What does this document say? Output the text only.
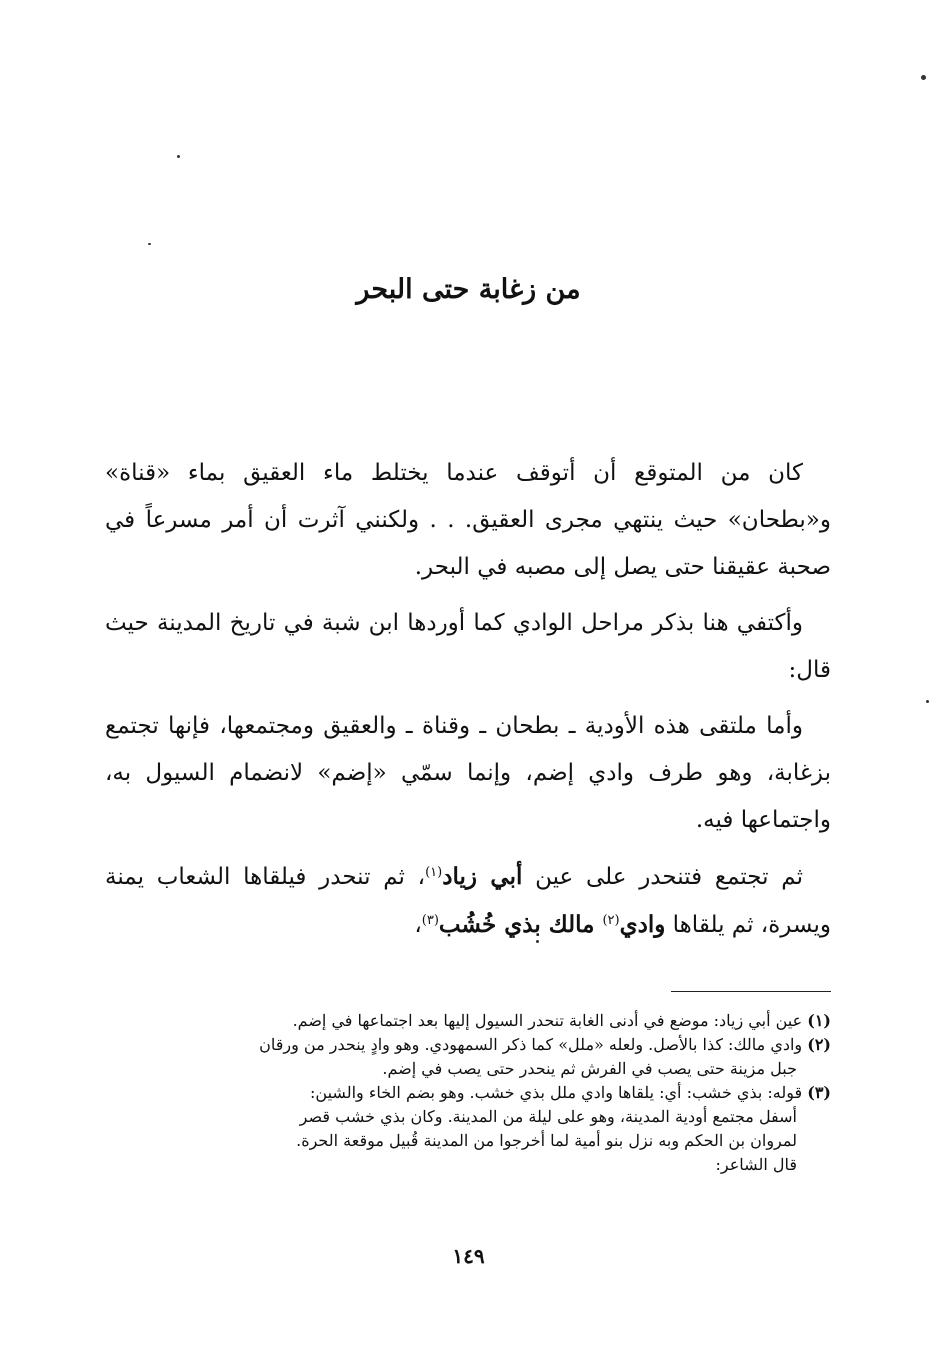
من زغابة حتى البحر

كان من المتوقع أن أتوقف عندما يختلط ماء العقيق بماء «قناة» و«بطحان» حيث ينتهي مجرى العقيق. . . ولكنني آثرت أن أمر مسرعاً في صحبة عقيقنا حتى يصل إلى مصبه في البحر.

وأكتفي هنا بذكر مراحل الوادي كما أوردها ابن شبة في تاريخ المدينة حيث قال:

وأما ملتقى هذه الأودية ـ بطحان ـ وقناة ـ والعقيق ومجتمعها، فإنها تجتمع بزغابة، وهو طرف وادي إضم، وإنما سمّي «إضم» لانضمام السيول به، واجتماعها فيه.

ثم تجتمع فتنحدر على عين أبي زياد$^{(١)}$، ثم تنحدر فيلقاها الشعاب يمنة ويسرة، ثم يلقاها وادي$^{(٢)}$ مالك بذي خُشُب$^{(٣)}$،

(١) عين أبي زياد: موضع في أدنى الغابة تنحدر السيول إليها بعد اجتماعها في إضم.

(٢) وادي مالك: كذا بالأصل. ولعله «ملل» كما ذكر السمهودي. وهو وادٍ ينحدر من ورقان

جبل مزينة حتى يصب في الفرش ثم ينحدر حتى يصب في إضم.

(٣) قوله: بذي خشب: أي: يلقاها وادي ملل بذي خشب. وهو بضم الخاء والشين:

أسفل مجتمع أودية المدينة، وهو على ليلة من المدينة. وكان بذي خشب قصر

لمروان بن الحكم وبه نزل بنو أمية لما أخرجوا من المدينة قُبيل موقعة الحرة.

قال الشاعر:

١٤٩
